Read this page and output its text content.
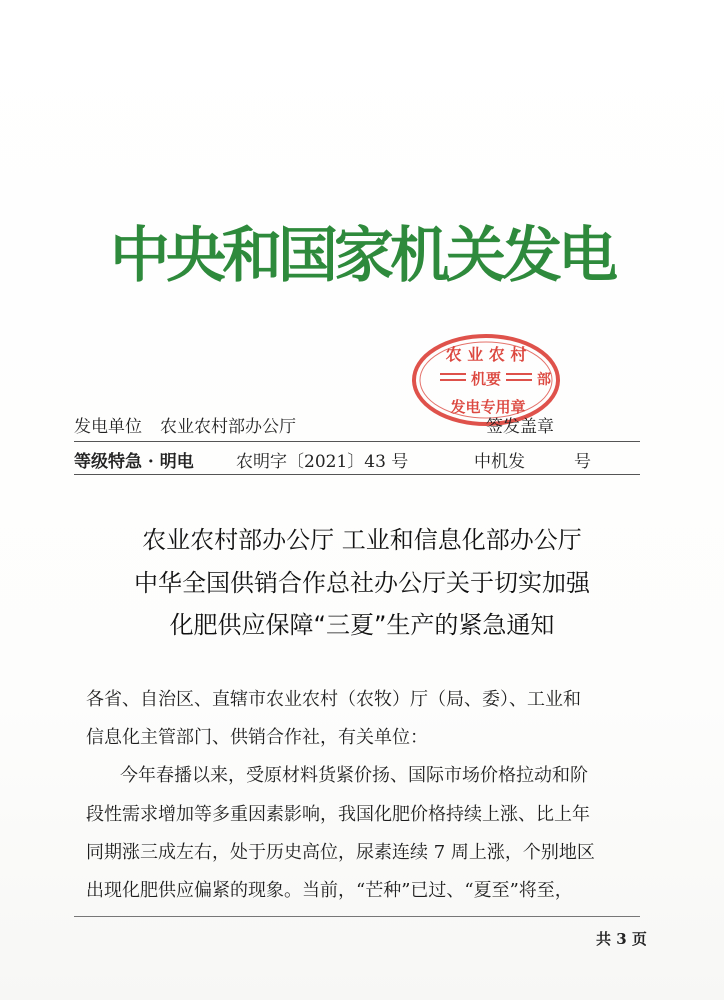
中央和国家机关发电
农 业 农 村
机要	部
发电专用章
发电单位 农业农村部办公厅	签发盖章
等级特急 · 明电 农明字〔2021〕43 号	中机发	号
农业农村部办公厅 工业和信息化部办公厅
中华全国供销合作总社办公厅关于切实加强
化肥供应保障“三夏”生产的紧急通知
各省、自治区、直辖市农业农村（农牧）厅（局、委）、工业和
信息化主管部门、供销合作社，有关单位：
今年春播以来，受原材料货紧价扬、国际市场价格拉动和阶
段性需求增加等多重因素影响，我国化肥价格持续上涨、比上年
同期涨三成左右，处于历史高位，尿素连续 7 周上涨，个别地区
出现化肥供应偏紧的现象。当前，“芒种”已过、“夏至”将至，
共 3 页
